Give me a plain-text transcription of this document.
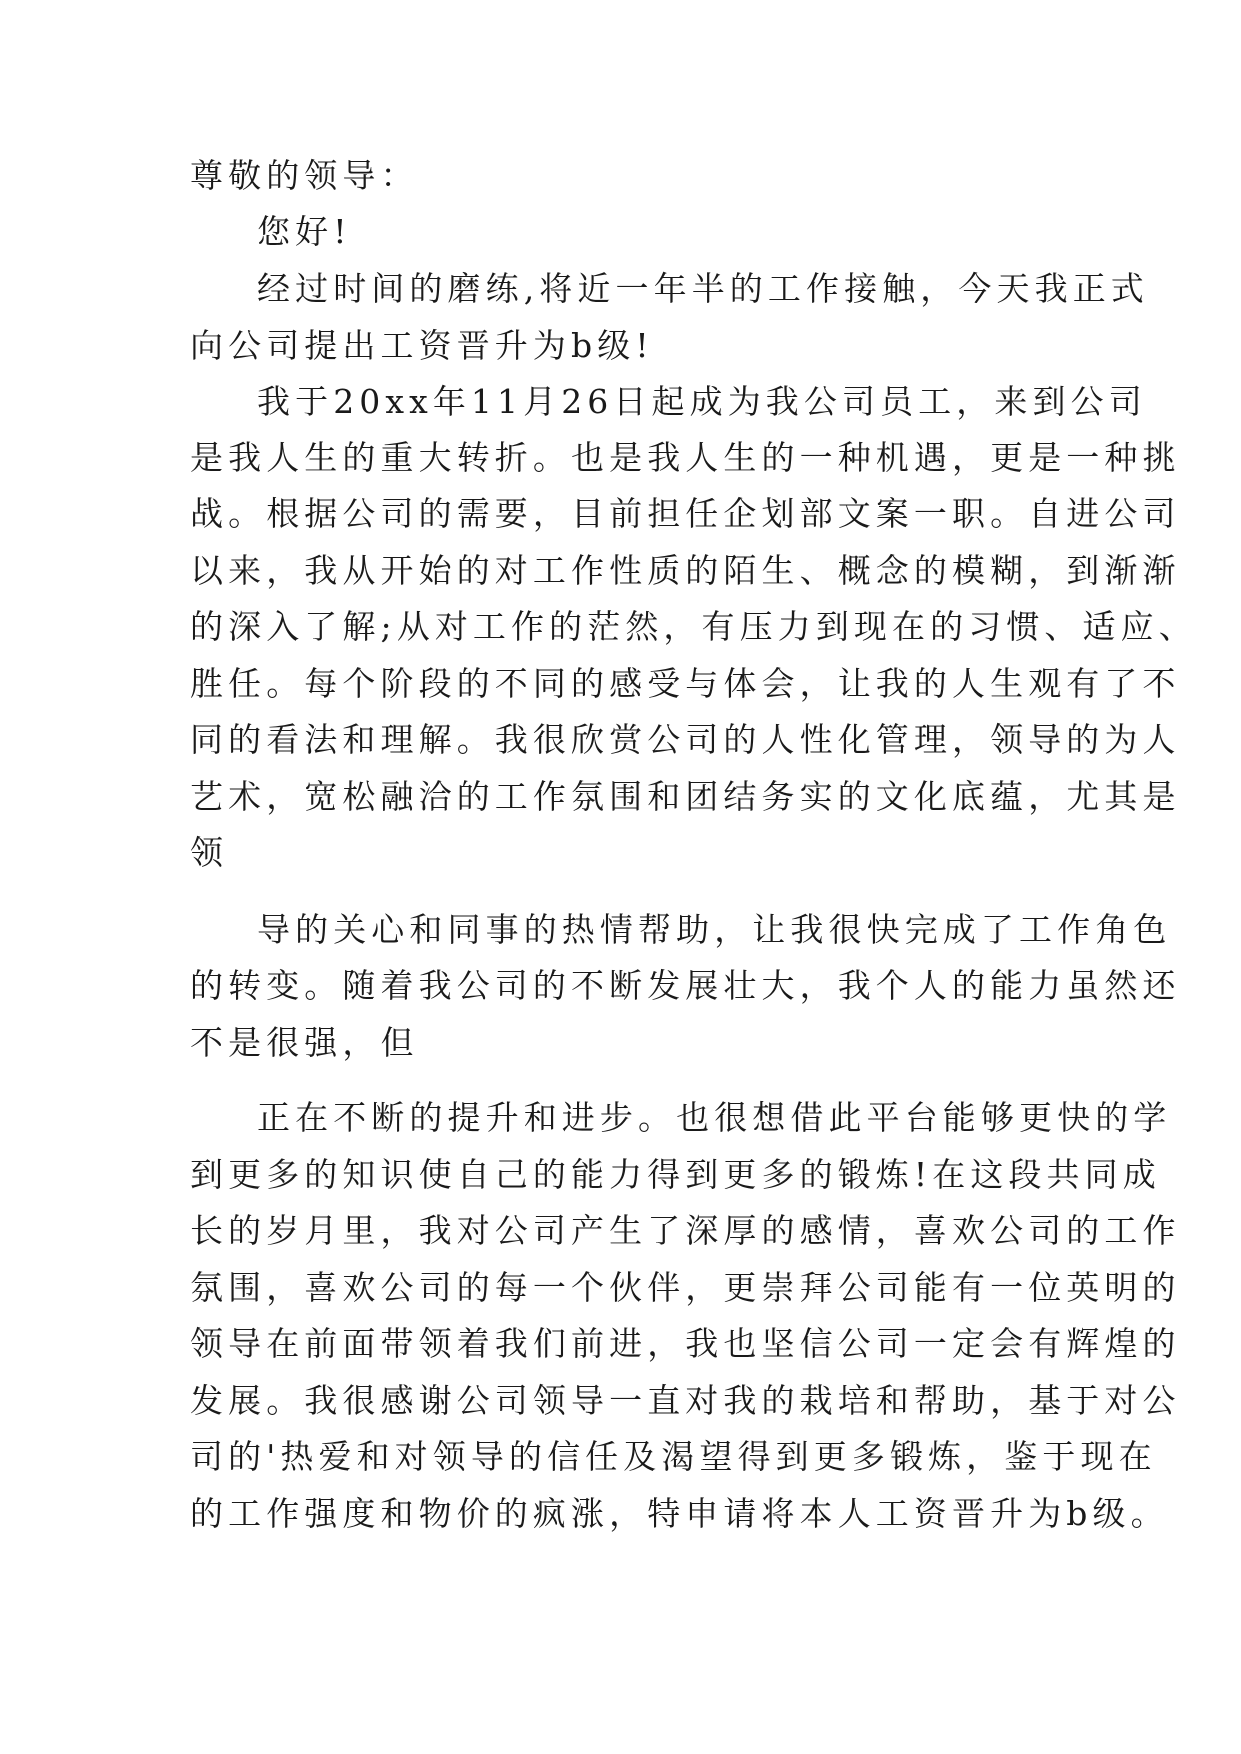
尊敬的领导：
您好!
经过时间的磨练,将近一年半的工作接触，今天我正式
向公司提出工资晋升为b级!
我于20xx年11月26日起成为我公司员工，来到公司
是我人生的重大转折。也是我人生的一种机遇，更是一种挑
战。根据公司的需要，目前担任企划部文案一职。自进公司
以来，我从开始的对工作性质的陌生、概念的模糊，到渐渐
的深入了解;从对工作的茫然，有压力到现在的习惯、适应、
胜任。每个阶段的不同的感受与体会，让我的人生观有了不
同的看法和理解。我很欣赏公司的人性化管理，领导的为人
艺术，宽松融洽的工作氛围和团结务实的文化底蕴，尤其是
领
导的关心和同事的热情帮助，让我很快完成了工作角色
的转变。随着我公司的不断发展壮大，我个人的能力虽然还
不是很强，但
正在不断的提升和进步。也很想借此平台能够更快的学
到更多的知识使自己的能力得到更多的锻炼!在这段共同成
长的岁月里，我对公司产生了深厚的感情，喜欢公司的工作
氛围，喜欢公司的每一个伙伴，更崇拜公司能有一位英明的
领导在前面带领着我们前进，我也坚信公司一定会有辉煌的
发展。我很感谢公司领导一直对我的栽培和帮助，基于对公
司的'热爱和对领导的信任及渴望得到更多锻炼，鉴于现在
的工作强度和物价的疯涨，特申请将本人工资晋升为b级。
